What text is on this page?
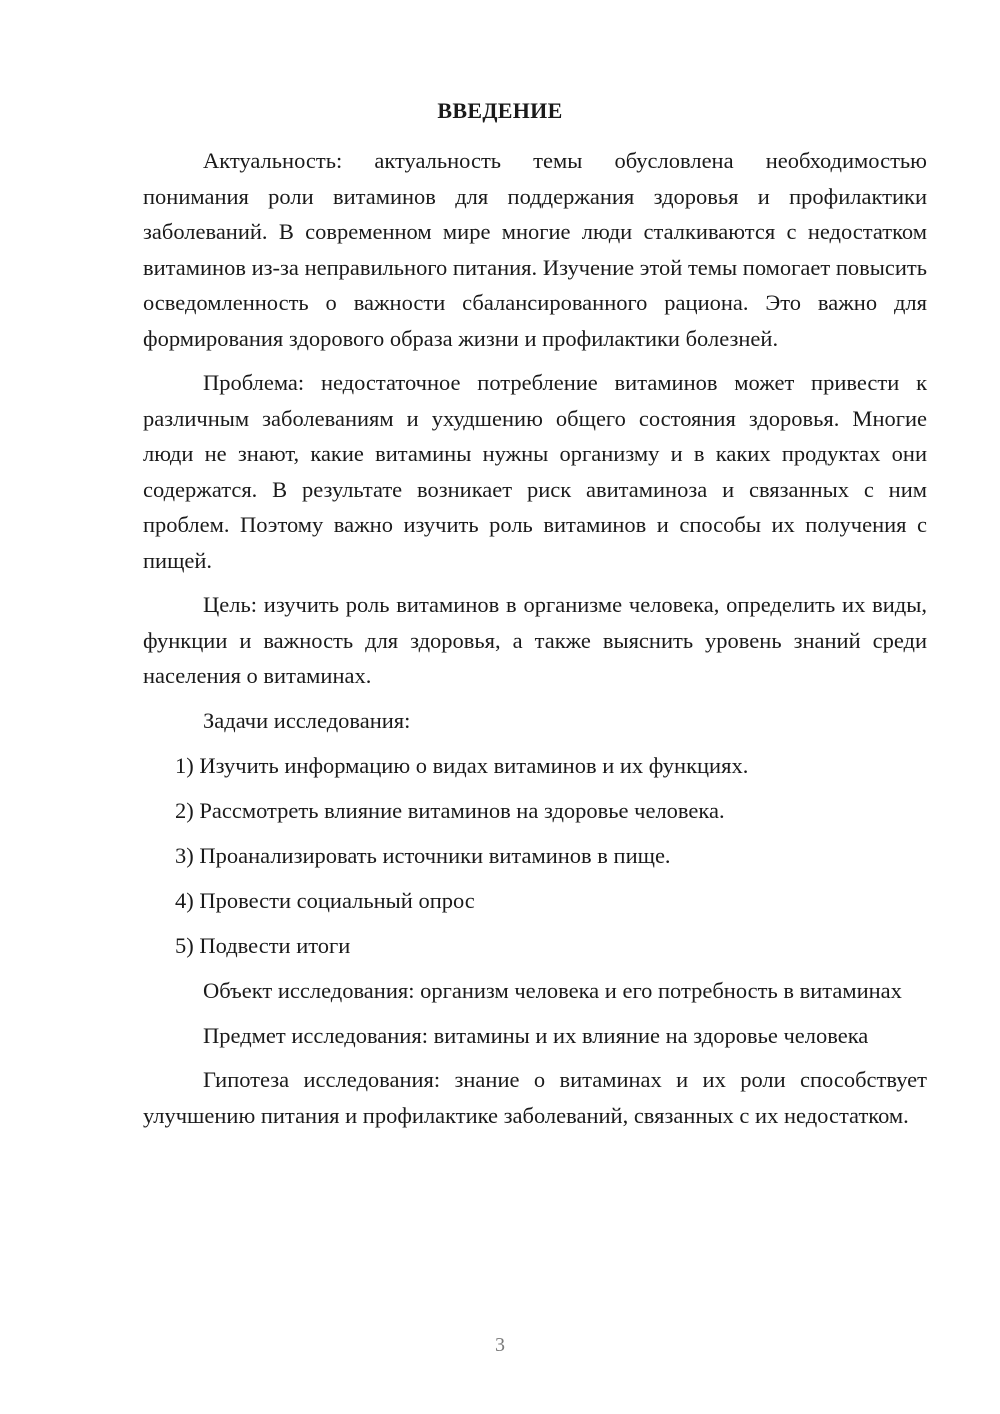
ВВЕДЕНИЕ

Актуальность: актуальность темы обусловлена необходимостью понимания роли витаминов для поддержания здоровья и профилактики заболеваний. В современном мире многие люди сталкиваются с недостатком витаминов из-за неправильного питания. Изучение этой темы помогает повысить осведомленность о важности сбалансированного рациона. Это важно для формирования здорового образа жизни и профилактики болезней.

Проблема: недостаточное потребление витаминов может привести к различным заболеваниям и ухудшению общего состояния здоровья. Многие люди не знают, какие витамины нужны организму и в каких продуктах они содержатся. В результате возникает риск авитаминоза и связанных с ним проблем. Поэтому важно изучить роль витаминов и способы их получения с пищей.

Цель: изучить роль витаминов в организме человека, определить их виды, функции и важность для здоровья, а также выяснить уровень знаний среди населения о витаминах.

Задачи исследования:

1) Изучить информацию о видах витаминов и их функциях.

2) Рассмотреть влияние витаминов на здоровье человека.

3) Проанализировать источники витаминов в пище.

4) Провести социальный опрос

5) Подвести итоги

Объект исследования: организм человека и его потребность в витаминах

Предмет исследования: витамины и их влияние на здоровье человека

Гипотеза исследования: знание о витаминах и их роли способствует улучшению питания и профилактике заболеваний, связанных с их недостатком.

3
